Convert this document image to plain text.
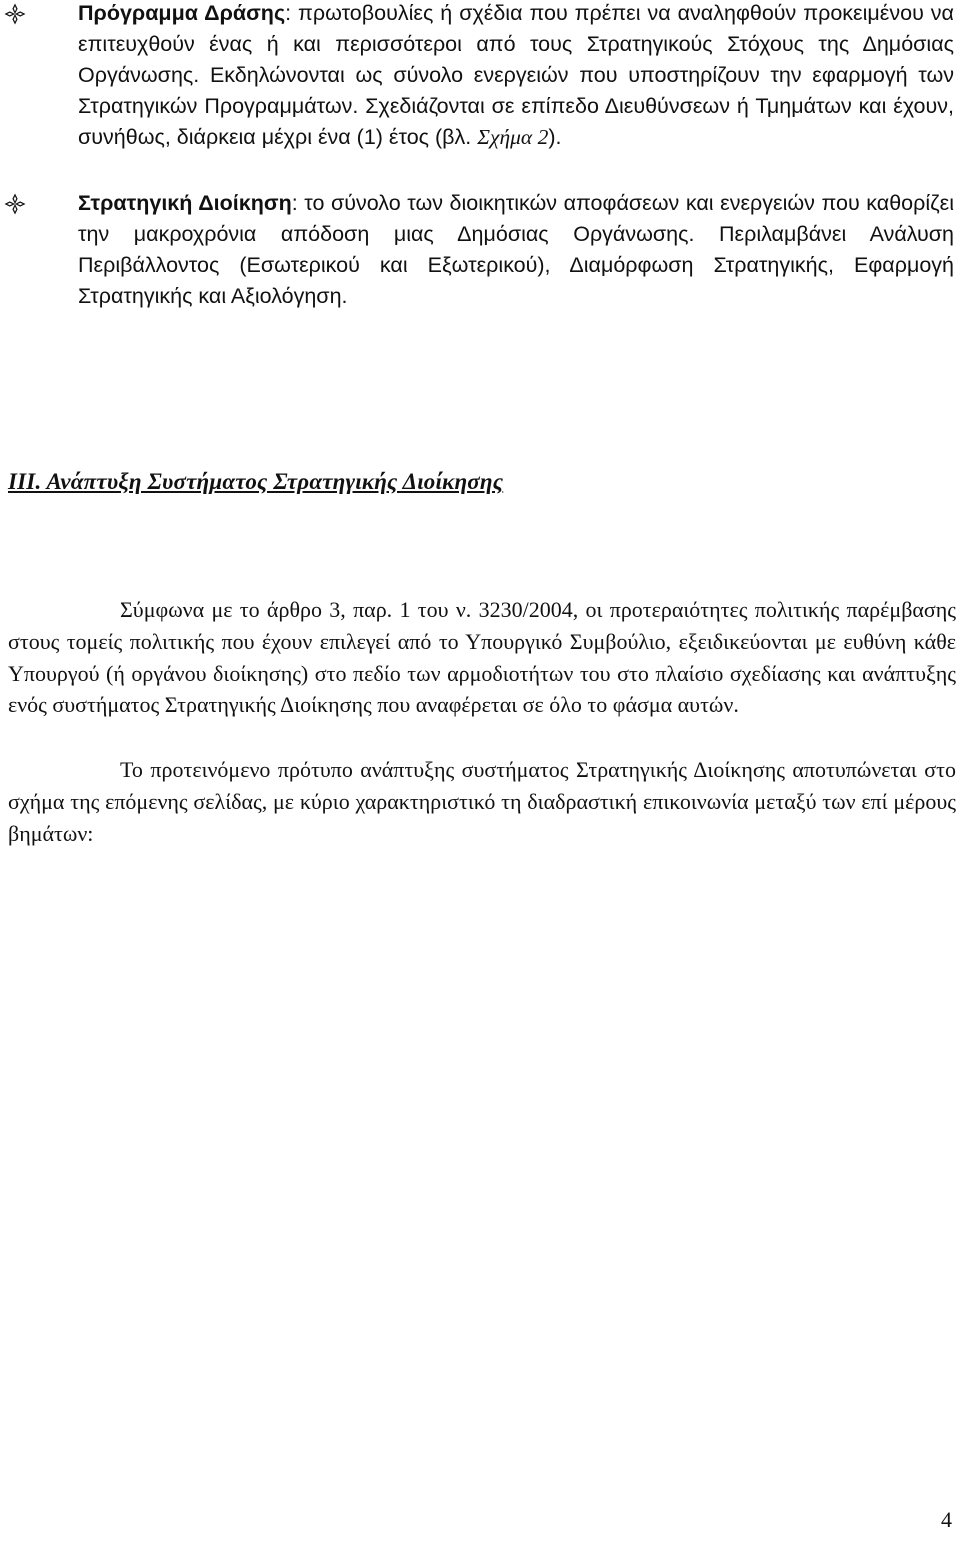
Πρόγραμμα Δράσης: πρωτοβουλίες ή σχέδια που πρέπει να αναληφθούν προκειμένου να επιτευχθούν ένας ή και περισσότεροι από τους Στρατηγικούς Στόχους της Δημόσιας Οργάνωσης. Εκδηλώνονται ως σύνολο ενεργειών που υποστηρίζουν την εφαρμογή των Στρατηγικών Προγραμμάτων. Σχεδιάζονται σε επίπεδο Διευθύνσεων ή Τμημάτων και έχουν, συνήθως, διάρκεια μέχρι ένα (1) έτος (βλ. Σχήμα 2).

Στρατηγική Διοίκηση: το σύνολο των διοικητικών αποφάσεων και ενεργειών που καθορίζει την μακροχρόνια απόδοση μιας Δημόσιας Οργάνωσης. Περιλαμβάνει Ανάλυση Περιβάλλοντος (Εσωτερικού και Εξωτερικού), Διαμόρφωση Στρατηγικής, Εφαρμογή Στρατηγικής και Αξιολόγηση.

ΙΙΙ. Ανάπτυξη Συστήματος Στρατηγικής Διοίκησης

Σύμφωνα με το άρθρο 3, παρ. 1 του ν. 3230/2004, οι προτεραιότητες πολιτικής παρέμβασης στους τομείς πολιτικής που έχουν επιλεγεί από το Υπουργικό Συμβούλιο, εξειδικεύονται με ευθύνη κάθε Υπουργού (ή οργάνου διοίκησης) στο πεδίο των αρμοδιοτήτων του στο πλαίσιο σχεδίασης και ανάπτυξης ενός συστήματος Στρατηγικής Διοίκησης που αναφέρεται σε όλο το φάσμα αυτών.

Το προτεινόμενο πρότυπο ανάπτυξης συστήματος Στρατηγικής Διοίκησης αποτυπώνεται στο σχήμα της επόμενης σελίδας, με κύριο χαρακτηριστικό τη διαδραστική επικοινωνία μεταξύ των επί μέρους βημάτων:

4
